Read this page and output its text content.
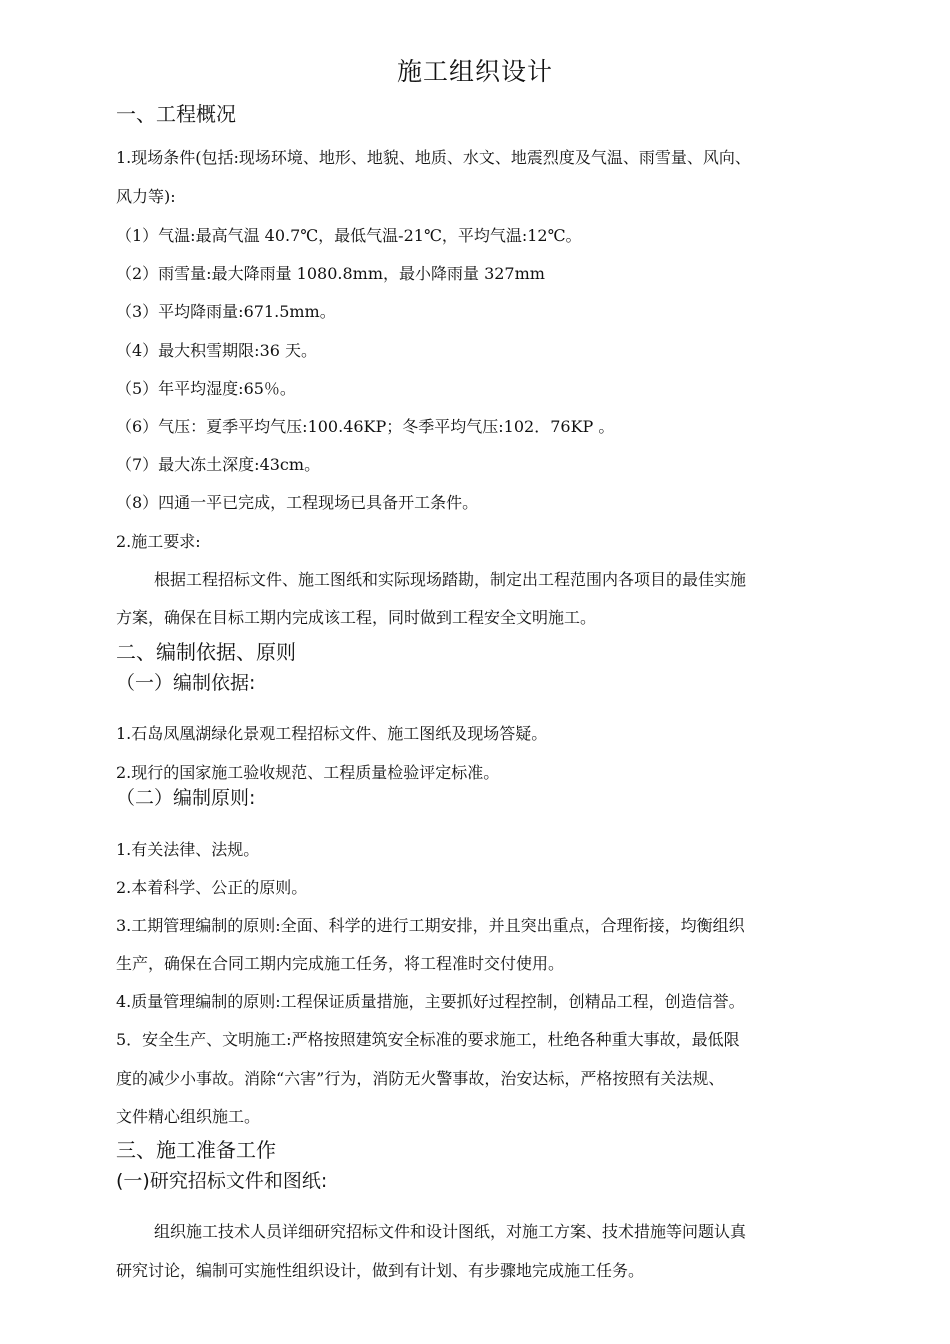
施工组织设计
一、工程概况
1.现场条件(包括:现场环境、地形、地貌、地质、水文、地震烈度及气温、雨雪量、风向、
风力等):
（1）气温:最高气温 40.7℃，最低气温-21℃，平均气温:12℃。
（2）雨雪量:最大降雨量 1080.8mm，最小降雨量 327mm
（3）平均降雨量:671.5mm。
（4）最大积雪期限:36 天。
（5）年平均湿度:65％。
（6）气压：夏季平均气压:100.46KP；冬季平均气压:102．76KP 。
（7）最大冻土深度:43cm。
（8）四通一平已完成，工程现场已具备开工条件。
2.施工要求:
根据工程招标文件、施工图纸和实际现场踏勘，制定出工程范围内各项目的最佳实施
方案，确保在目标工期内完成该工程，同时做到工程安全文明施工。
二、编制依据、原则
（一）编制依据:
1.石岛凤凰湖绿化景观工程招标文件、施工图纸及现场答疑。
2.现行的国家施工验收规范、工程质量检验评定标准。
（二）编制原则:
1.有关法律、法规。
2.本着科学、公正的原则。
3.工期管理编制的原则:全面、科学的进行工期安排，并且突出重点，合理衔接，均衡组织
生产，确保在合同工期内完成施工任务，将工程准时交付使用。
4.质量管理编制的原则:工程保证质量措施，主要抓好过程控制，创精品工程，创造信誉。
5．安全生产、文明施工:严格按照建筑安全标准的要求施工，杜绝各种重大事故，最低限
度的减少小事故。消除“六害”行为，消防无火警事故，治安达标，严格按照有关法规、
文件精心组织施工。
三、施工准备工作
(一)研究招标文件和图纸:
组织施工技术人员详细研究招标文件和设计图纸，对施工方案、技术措施等问题认真
研究讨论，编制可实施性组织设计，做到有计划、有步骤地完成施工任务。
